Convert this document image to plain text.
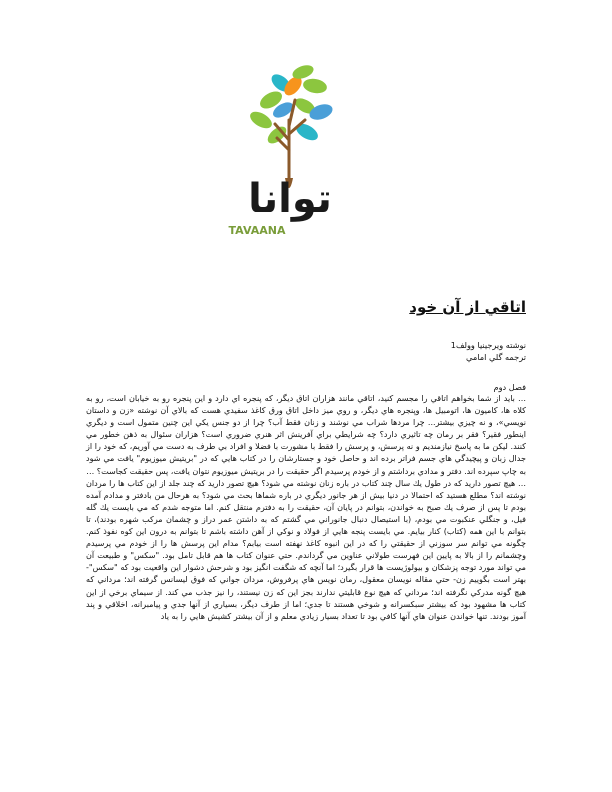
توانا
TAVAANA
اتاقي از آن خود
نوشته ويرجينيا وولف1
ترجمه گلي امامي
فصل دوم

… بايد از شما بخواهم اتاقي را مجسم كنيد، اتاقي مانند هزاران اتاق ديگر، كه پنجره اي دارد و اين پنجره رو به خيابان است، رو به كلاه ها، كاميون ها، اتومبيل ها، وپنجره هاي ديگر، و روي ميز داخل اتاق ورق كاغذ سفيدي هست كه بالاي آن نوشته «زن و داستان نويسي»، و نه چيزي بيشتر... چرا مردها شراب مي نوشند و زنان فقط آب؟ چرا از دو جنس يكي اين چنين متمول است و ديگري اينطور فقير؟ فقر بر رمان چه تاثيري دارد؟ چه شرايطي براي آفرينش اثر هنري ضروري است؟ هزاران سئوال به ذهن خطور مي كنند. ليكن ما به پاسخ نيازمنديم و نه پرسش، و پرسش را فقط با مشورت با فضلا و افراد بي طرف به دست مي آوريم، كه خود را از جدال زبان و پيچيدگي هاي جسم فراتر برده اند و حاصل خود و جستارشان را در كتاب هايي كه در "بريتيش ميوزيوم" يافت مي شود به چاپ سپرده اند. دفتر و مدادي برداشتم و از خودم پرسيدم اگر حقيقت را در بريتيش ميوزيوم نتوان يافت، پس حقيقت كجاست؟ …

… هيچ تصور داريد كه در طول يك سال چند كتاب در باره زنان نوشته مي شود؟ هيچ تصور داريد كه چند جلد از اين كتاب ها را مردان نوشته اند؟ مطلع هستيد كه احتمالا در دنيا بيش از هر جانور ديگري در باره شماها بحث مي شود؟ به هرحال من بادفتر و مدادم آمده بودم تا پس از صرف يك صبح به خواندن، بتوانم در پايان آن، حقيقت را به دفترم منتقل كنم. اما متوجه شدم كه مي بايست يك گله فيل، و جنگلي عنكبوت مي بودم، (با استيصال دنبال جانوراني مي گشتم كه به داشتن عمر دراز و چشمان مركب شهره بودند)، تا بتوانم با اين همه (كتاب) كنار بيايم. مي بايست پنجه هايي از فولاد و نوكي از آهن داشته باشم تا بتوانم به درون اين كوه نفوذ كنم. چگونه مي توانم سر سوزني از حقيقتي را كه در اين انبوه كاغذ نهفته است بيابم؟ مدام اين پرسش ها را از خودم مي پرسيدم وچشمانم را از بالا به پايين اين فهرست طولاني عناوين مي گرداندم. حتي عنوان كتاب ها هم قابل تامل بود. "سكس" و طبيعت آن مي تواند مورد توجه پزشكان و بيولوژيست ها قرار بگيرد؛ اما آنچه كه شگفت انگيز بود و شرحش دشوار اين واقعيت بود كه "سكس"- بهتر است بگوييم زن- حتي مقاله نويسان معقول، رمان نويس هاي پرفروش، مردان جواني كه فوق ليسانس گرفته اند؛ مرداني كه هيچ گونه مدركي نگرفته اند؛ مرداني كه هيچ نوع قابليتي ندارند بجز اين كه زن نيستند، را نيز جذب مي كند. از سيماي برخي از اين كتاب ها مشهود بود كه بيشتر سبكسرانه و شوخي هستند تا جدي؛ اما از طرف ديگر، بسياري از آنها جدي و پيامبرانه، اخلاقي و پند آموز بودند. تنها خواندن عنوان هاي آنها كافي بود تا تعداد بسيار زيادي معلم و از آن بيشتر كشيش هايي را به ياد
